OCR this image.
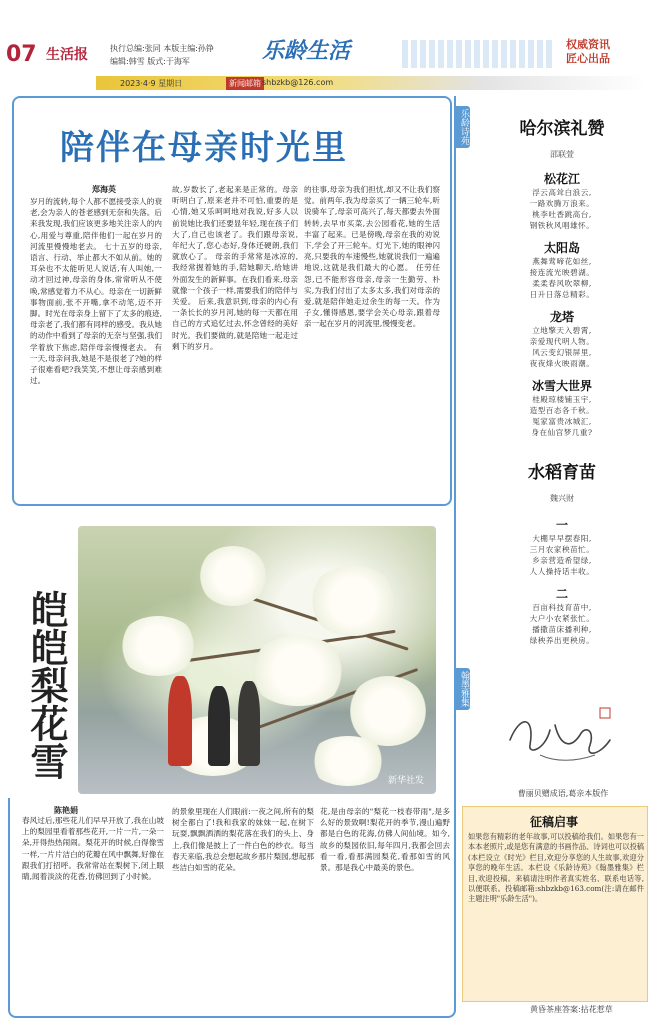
07 生活报	执行总编:张同 本版主编:孙铮
编辑:韩雪 版式:于海军	乐龄生活	权威资讯
匠心出品
2023·4·9 星期日	新闻邮箱 shbzkb@126.com
陪伴在母亲时光里
郑海英
岁月的流转,每个人都不愿接受亲人的衰老,会为亲人的苍老感到无奈和失落。后来我发现,我们应该更多地关注亲人的内心,用爱与尊重,陪伴他们一起在岁月的河流里慢慢地老去。 七十五岁的母亲,语言、行动、举止都大不如从前。她的耳朵也不太能听见人说话,有人叫她,一动才回过神,母亲的身体,常常听从不使唤,常感觉着力不从心。母亲在一切新鲜事物面前,张不开嘴,拿不动笔,迈不开脚。时光在母亲身上留下了太多的痕迹,母亲老了,我们都有同样的感受。我从她的动作中看到了母亲的无奈与坚强,我们学着放下焦虑,陪伴母亲慢慢老去。 有一天,母亲问我,她是不是很老了?她的样子很难看吧?我笑笑,不想让母亲感到难过。
故,岁数长了,老起来是正常的。母亲听明白了,原来老并不可怕,重要的是心情,她又乐呵呵地对我说,好多人以前说她比我们还要显年轻,现在孩子们大了,自己也该老了。我们跟母亲说,年纪大了,您心态好,身体还硬朗,我们就放心了。 母亲的手常常是冰凉的,我经常握着她的手,陪她聊天,给她讲外面发生的新鲜事。在我们看来,母亲就像一个孩子一样,需要我们的陪伴与关爱。 后来,我意识到,母亲的内心有一条长长的岁月河,她的每一天都在用自己的方式追忆过去,怀念曾经的美好时光。我们要做的,就是陪她一起走过剩下的岁月。
的往事,母亲为我们担忧,却又不让我们察觉。前两年,我为母亲买了一辆三轮车,听说骑车了,母亲可高兴了,每天都要去外面转转,去早市买菜,去公园看花,她的生活丰富了起来。已是傍晚,母亲在我的劝说下,学会了开三轮车。灯光下,她的眼神闪亮,只要我的车速慢些,她就说我们一遍遍地说,这就是我们最大的心愿。 任劳任怨,已不能形容母亲,母亲一生勤劳、朴实,为我们付出了太多太多,我们对母亲的爱,就是陪伴她走过余生的每一天。作为子女,懂得感恩,要学会关心母亲,跟着母亲一起在岁月的河流里,慢慢变老。
新华社发
皑皑梨花雪
陈艳娟
春风过后,那些花儿们早早开放了,我在山坡上的梨园里看着那些花开,一片一片,一朵一朵,开得热热闹闹。梨花开的时候,白得像雪一样,一片片洁白的花瓣在风中飘舞,好像在跟我们打招呼。我常常站在梨树下,闭上眼睛,闻着淡淡的花香,仿佛回到了小时候。
的景象里现在人们眼前:一夜之间,所有的梨树全都白了!我和我家的妹妹一起,在树下玩耍,飘飘洒洒的梨花落在我们的头上、身上,我们像是披上了一件白色的纱衣。每当春天来临,我总会想起故乡那片梨园,想起那些洁白如雪的花朵。
花,是由母亲的"梨花一枝春带雨",是多么好的景致啊!梨花开的季节,漫山遍野都是白色的花海,仿佛人间仙境。如今,故乡的梨园依旧,每年四月,我都会回去看一看,看那满园梨花,看那如雪的风景。那是我心中最美的景色。
乐龄诗苑	哈尔滨礼赞
邵联萱
松花江
浮云高耸白浪云,
一路欢腾万浪来。
桃李吐香跳高台,
钢铁秋风唱雄怀。
太阳岛
燕舞莺啼花如丝,
接连流光映碧湖。
柔柔春风吹翠柳,
日升日落总精彩。
龙塔
立地擎天入碧霄,
亲爱现代明人物。
风云变幻银屏里,
夜夜烽火映雨潮。
冰雪大世界
桂殿琼楼铺玉宇,
造型百态各千秋。
冤家富贵冰城汇,
身在仙宫梦几重?
水稻育苗
魏兴财
一
大棚早早摆春阳,
三月农家秧苗忙。
乡亲营造希望绿,
人人操持话丰收。
二
百亩科技育苗中,
大户小农紧张忙。
播撒苗床播利种,
绿秧养出更秧房。
翰墨雅集
曹丽贝赠成语,葛亲本版作
征稿启事
如果您有精彩的老年故事,可以投稿给我们。如果您有一本本老照片,或是您有满意的书画作品、诗词也可以投稿(本栏设立《时光》栏目,欢迎分享您的人生故事,欢迎分享您的晚年生活。本栏设《乐龄诗苑》《翰墨雅集》栏目,欢迎投稿。来稿请注明作者真实姓名、联系电话等,以便联系。投稿邮箱:shbzkb@163.com(注:请在邮件主题注明"乐龄生活")。
黄昏茶座答案:拈花惹草
